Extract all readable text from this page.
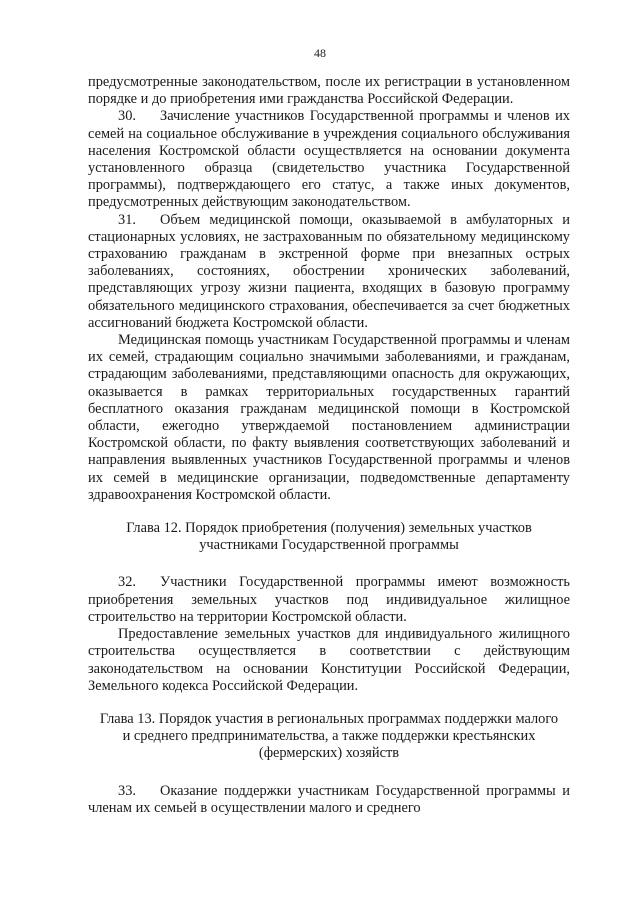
48

предусмотренные законодательством, после их регистрации в установленном порядке и до приобретения ими гражданства Российской Федерации.

30. Зачисление участников Государственной программы и членов их семей на социальное обслуживание в учреждения социального обслуживания населения Костромской области осуществляется на основании документа установленного образца (свидетельство участника Государственной программы), подтверждающего его статус, а также иных документов, предусмотренных действующим законодательством.

31. Объем медицинской помощи, оказываемой в амбулаторных и стационарных условиях, не застрахованным по обязательному медицинскому страхованию гражданам в экстренной форме при внезапных острых заболеваниях, состояниях, обострении хронических заболеваний, представляющих угрозу жизни пациента, входящих в базовую программу обязательного медицинского страхования, обеспечивается за счет бюджетных ассигнований бюджета Костромской области.

Медицинская помощь участникам Государственной программы и членам их семей, страдающим социально значимыми заболеваниями, и гражданам, страдающим заболеваниями, представляющими опасность для окружающих, оказывается в рамках территориальных государственных гарантий бесплатного оказания гражданам медицинской помощи в Костромской области, ежегодно утверждаемой постановлением администрации Костромской области, по факту выявления соответствующих заболеваний и направления выявленных участников Государственной программы и членов их семей в медицинские организации, подведомственные департаменту здравоохранения Костромской области.

Глава 12. Порядок приобретения (получения) земельных участков
участниками Государственной программы

32. Участники Государственной программы имеют возможность приобретения земельных участков под индивидуальное жилищное строительство на территории Костромской области.

Предоставление земельных участков для индивидуального жилищного строительства осуществляется в соответствии с действующим законодательством на основании Конституции Российской Федерации, Земельного кодекса Российской Федерации.

Глава 13. Порядок участия в региональных программах поддержки малого
и среднего предпринимательства, а также поддержки крестьянских
(фермерских) хозяйств

33. Оказание поддержки участникам Государственной программы и членам их семьей в осуществлении малого и среднего
